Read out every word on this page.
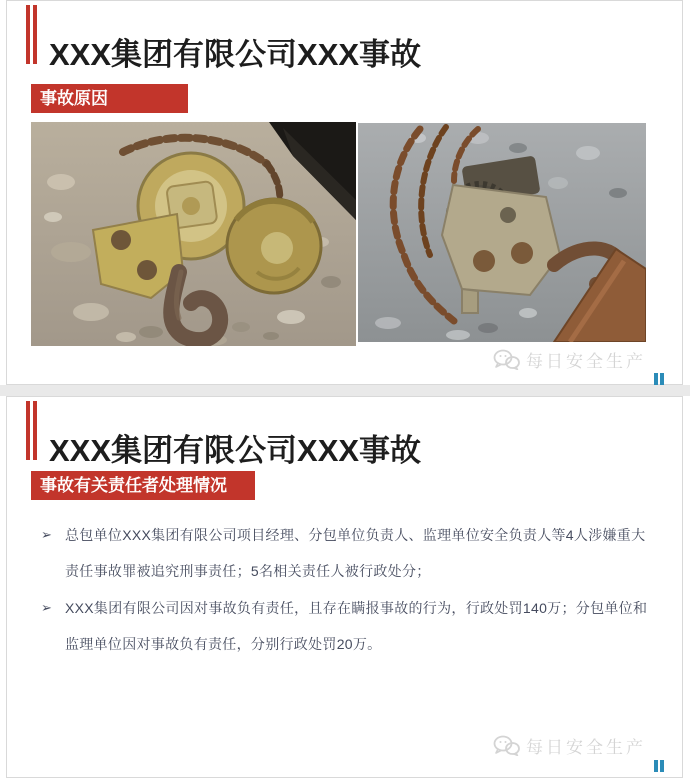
XXX集团有限公司XXX事故
事故原因
每日安全生产
XXX集团有限公司XXX事故
事故有关责任者处理情况
➢ 总包单位XXX集团有限公司项目经理、分包单位负责人、监理单位安全负责人等4人涉嫌重大责任事故罪被追究刑事责任；5名相关责任人被行政处分；
➢ XXX集团有限公司因对事故负有责任，且存在瞒报事故的行为，行政处罚140万；分包单位和监理单位因对事故负有责任，分别行政处罚20万。
每日安全生产
